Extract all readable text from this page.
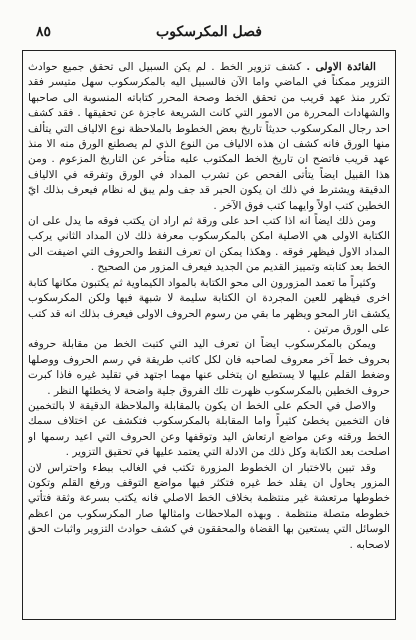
فصل المكرسكوب
٨٥

الفائدة الاولى . كشف تزوير الخط . لم يكن السبيل الى تحقق جميع حوادث التزوير ممكناً في الماضي واما الآن فالسبيل اليه بالمكرسكوب سهل متيسر فقد تكرر منذ عهد قريب من تحقق الخط وصحة المحرر كتاباته المنسوبة الى صاحبها والشهادات المحررة من الامور التي كانت الشريعة عاجزة عن تحقيقها . فقد كشف احد رجال المكرسكوب حديثاً تاريخ بعض الخطوط بالملاحظة نوع الالياف التي يتألف منها الورق فانه كشف ان هذه الالياف من النوع الذي لم يصطنع الورق منه الا منذ عهد قريب فاتضح ان تاريخ الخط المكتوب عليه متأخر عن التاريخ المزعوم . ومن هذا القبيل ايضاً يتأتى الفحص عن تشرب المداد في الورق وتفرقه في الالياف الدقيقة ويشترط في ذلك ان يكون الحبر قد جف ولم يبق له نظام فيعرف بذلك ايّ الخطين كتب اولاً وايهما كتب فوق الآخر .

ومن ذلك ايضاً انه اذا كتب احد على ورقة ثم اراد ان يكتب فوقه ما يدل على ان الكتابة الاولى هي الاصلية امكن بالمكرسكوب معرفة ذلك لان المداد الثاني يركب المداد الاول فيظهر فوقه . وهكذا يمكن ان تعرف النقط والحروف التي اضيفت الى الخط بعد كتابته وتمييز القديم من الجديد فيعرف المزور من الصحيح .

وكثيراً ما تعمد المزورون الى محو الكتابة بالمواد الكيماوية ثم يكتبون مكانها كتابة اخرى فيظهر للعين المجردة ان الكتابة سليمة لا شبهة فيها ولكن المكرسكوب يكشف اثار المحو ويظهر ما بقي من رسوم الحروف الاولى فيعرف بذلك انه قد كتب على الورق مرتين .

ويمكن بالمكرسكوب ايضاً ان تعرف اليد التي كتبت الخط من مقابلة حروفه بحروف خط آخر معروف لصاحبه فان لكل كاتب طريقة في رسم الحروف ووصلها وضغط القلم عليها لا يستطيع ان يتخلى عنها مهما اجتهد في تقليد غيره فاذا كبرت حروف الخطين بالمكرسكوب ظهرت تلك الفروق جلية واضحة لا يخطئها النظر .

والاصل في الحكم على الخط ان يكون بالمقابلة والملاحظة الدقيقة لا بالتخمين فان التخمين يخطئ كثيراً واما المقابلة بالمكرسكوب فتكشف عن اختلاف سمك الخط ورقته وعن مواضع ارتعاش اليد وتوقفها وعن الحروف التي اعيد رسمها او اصلحت بعد الكتابة وكل ذلك من الادلة التي يعتمد عليها في تحقيق التزوير .

وقد تبين بالاختبار ان الخطوط المزورة تكتب في الغالب ببطء واحتراس لان المزور يحاول ان يقلد خط غيره فتكثر فيها مواضع التوقف ورفع القلم وتكون خطوطها مرتعشة غير منتظمة بخلاف الخط الاصلي فانه يكتب بسرعة وثقة فتأتي خطوطه متصلة منتظمة . وبهذه الملاحظات وامثالها صار المكرسكوب من اعظم الوسائل التي يستعين بها القضاة والمحققون في كشف حوادث التزوير واثبات الحق لاصحابه .
